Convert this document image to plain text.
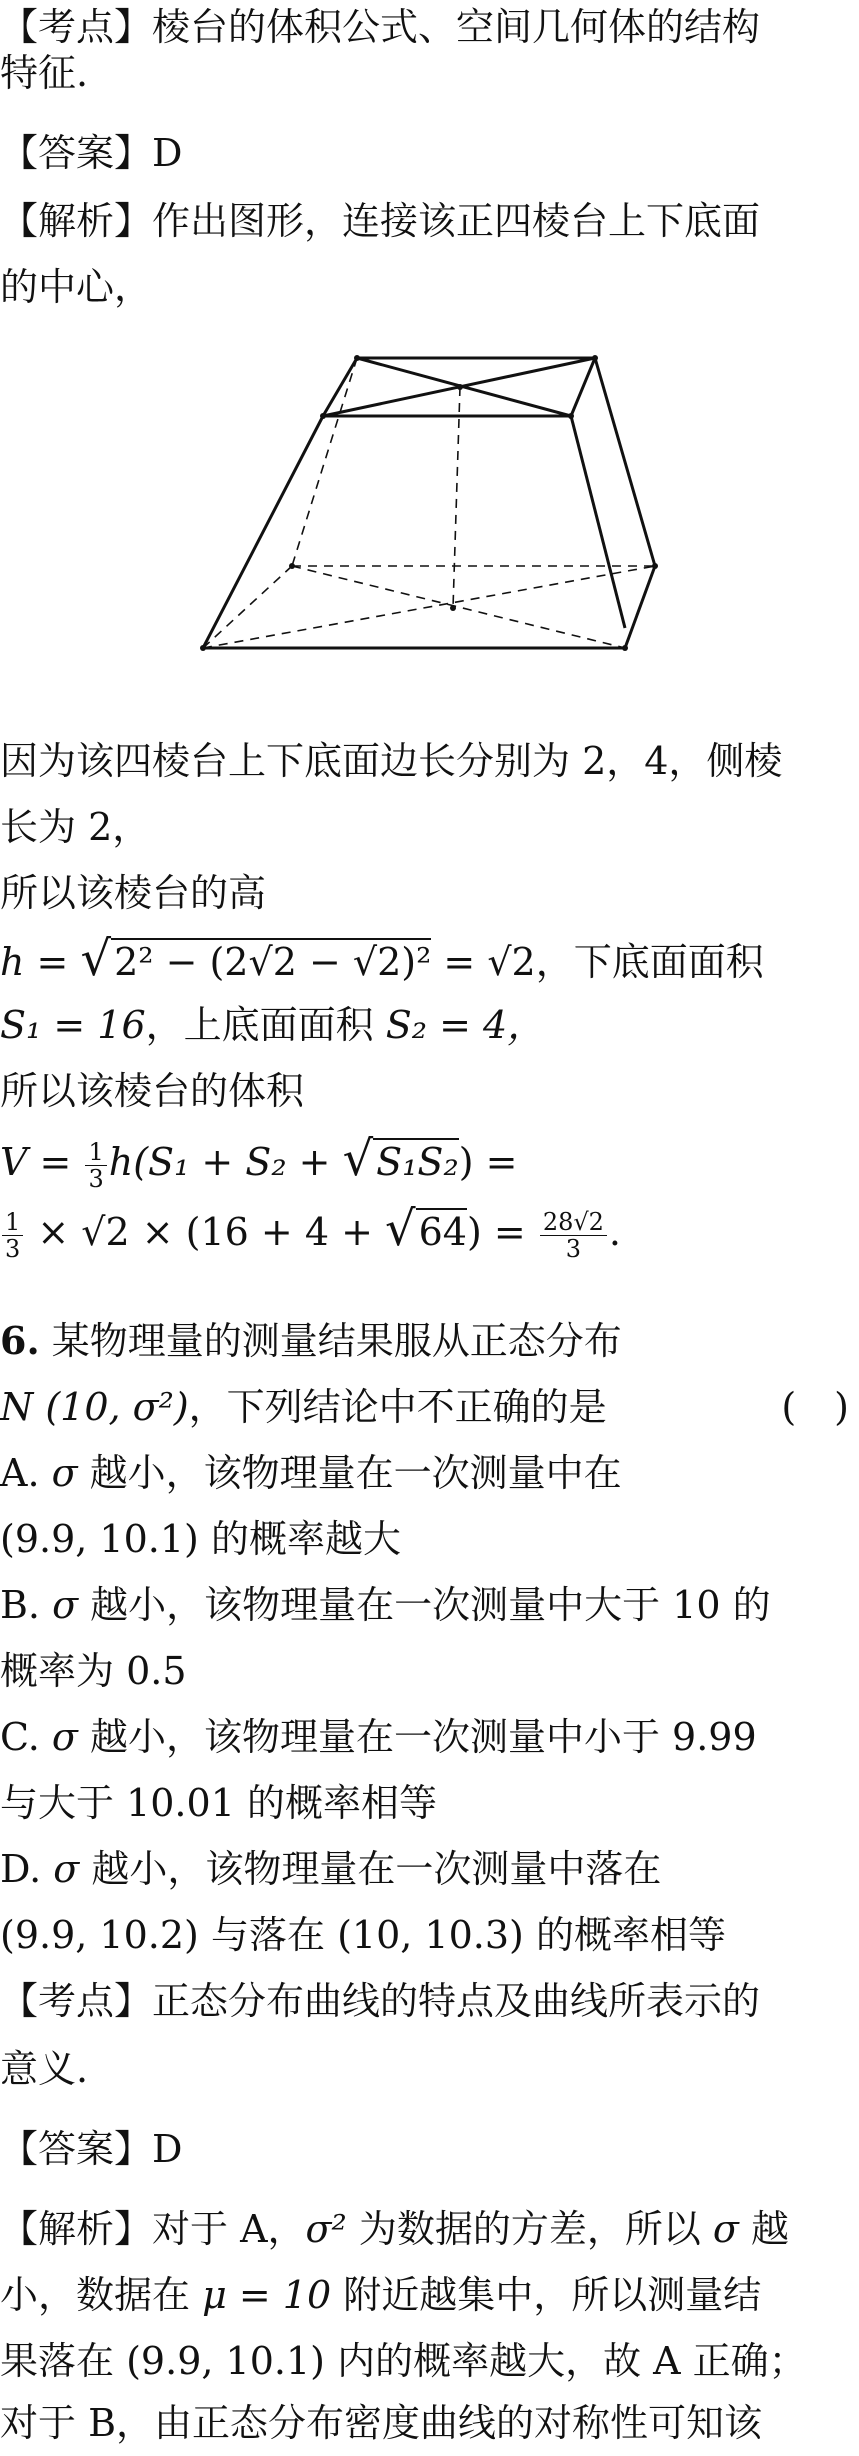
【考点】棱台的体积公式、空间几何体的结构
特征.
【答案】D
【解析】作出图形，连接该正四棱台上下底面
的中心，
因为该四棱台上下底面边长分别为 2，4，侧棱
长为 2，
所以该棱台的高
h = √2² − (2√2 − √2)² = √2，下底面面积
S₁ = 16，上底面面积 S₂ = 4，
所以该棱台的体积
$V = \frac{1}{3} h(S_1 + S_2 + √S_1S_2)$ =
$\frac{1}{3} \times √2 \times (16 + 4 + √64) = \frac{28√2}{3}$ .
6. 某物理量的测量结果服从正态分布
N (10, σ²)，下列结论中不正确的是	(　)
A. σ 越小，该物理量在一次测量中在
(9.9, 10.1) 的概率越大
B. σ 越小，该物理量在一次测量中大于 10 的
概率为 0.5
C. σ 越小，该物理量在一次测量中小于 9.99
与大于 10.01 的概率相等
D. σ 越小，该物理量在一次测量中落在
(9.9, 10.2) 与落在 (10, 10.3) 的概率相等
【考点】正态分布曲线的特点及曲线所表示的
意义.
【答案】D
【解析】对于 A，σ² 为数据的方差，所以 σ 越
小，数据在 μ = 10 附近越集中，所以测量结
果落在 (9.9, 10.1) 内的概率越大，故 A 正确；
对于 B，由正态分布密度曲线的对称性可知该
